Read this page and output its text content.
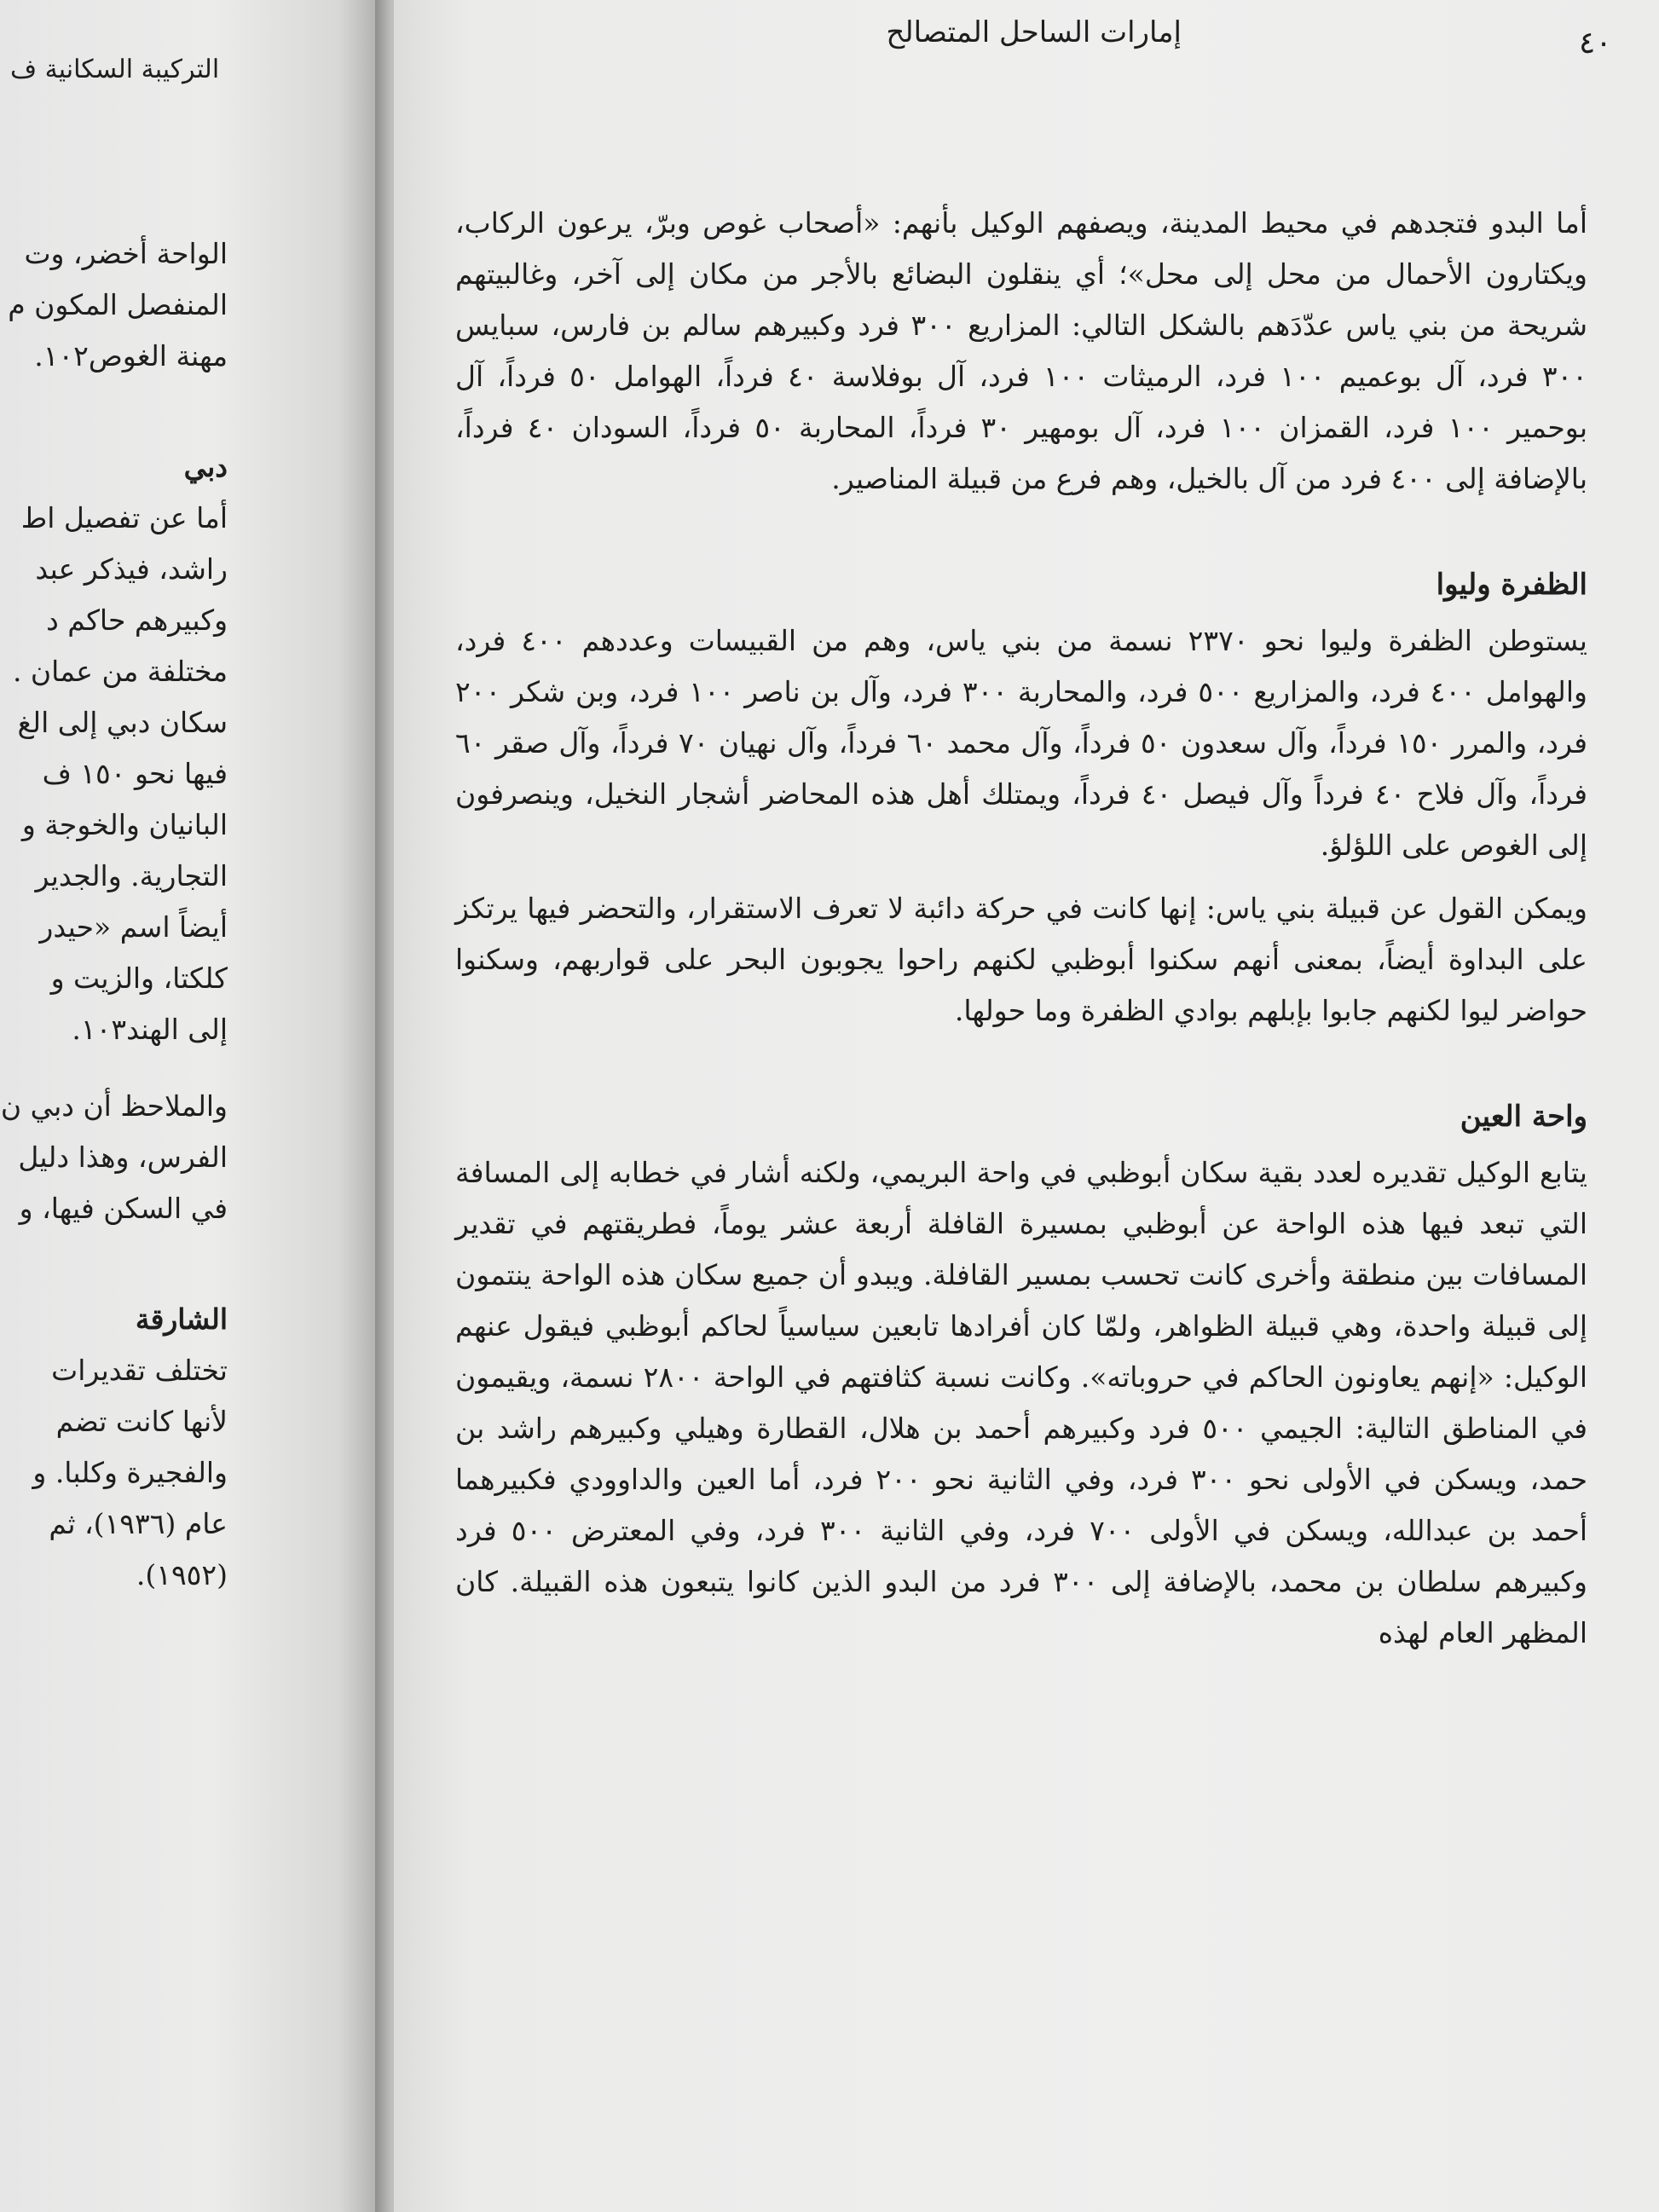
التركيبة السكانية ف

الواحة أخضر، وت
المنفصل المكون م
مهنة الغوص١٠٢.
دبي
أما عن تفصيل اط
راشد، فيذكر عبد
وكبيرهم حاكم د
مختلفة من عمان .
سكان دبي إلى الغ
فيها نحو ١٥٠ ف
البانيان والخوجة و
التجارية. والجدير
أيضاً اسم «حيدر
كلكتا، والزيت و
إلى الهند١٠٣.
والملاحظ أن دبي ن
الفرس، وهذا دليل
في السكن فيها، و
الشارقة
تختلف تقديرات
لأنها كانت تضم
والفجيرة وكلبا. و
عام (١٩٣٦)، ثم
(١٩٥٢).

إمارات الساحل المتصالح	٤٠

أما البدو فتجدهم في محيط المدينة، ويصفهم الوكيل بأنهم: «أصحاب غوص وبرّ، يرعون الركاب، ويكتارون الأحمال من محل إلى محل»؛ أي ينقلون البضائع بالأجر من مكان إلى آخر، وغالبيتهم شريحة من بني ياس عدّدَهم بالشكل التالي: المزاريع ٣٠٠ فرد وكبيرهم سالم بن فارس، سبايس ٣٠٠ فرد، آل بوعميم ١٠٠ فرد، الرميثات ١٠٠ فرد، آل بوفلاسة ٤٠ فرداً، الهوامل ٥٠ فرداً، آل بوحمير ١٠٠ فرد، القمزان ١٠٠ فرد، آل بومهير ٣٠ فرداً، المحاربة ٥٠ فرداً، السودان ٤٠ فرداً، بالإضافة إلى ٤٠٠ فرد من آل بالخيل، وهم فرع من قبيلة المناصير.

الظفرة وليوا

يستوطن الظفرة وليوا نحو ٢٣٧٠ نسمة من بني ياس، وهم من القبيسات وعددهم ٤٠٠ فرد، والهوامل ٤٠٠ فرد، والمزاريع ٥٠٠ فرد، والمحاربة ٣٠٠ فرد، وآل بن ناصر ١٠٠ فرد، وبن شكر ٢٠٠ فرد، والمرر ١٥٠ فرداً، وآل سعدون ٥٠ فرداً، وآل محمد ٦٠ فرداً، وآل نهيان ٧٠ فرداً، وآل صقر ٦٠ فرداً، وآل فلاح ٤٠ فرداً وآل فيصل ٤٠ فرداً، ويمتلك أهل هذه المحاضر أشجار النخيل، وينصرفون إلى الغوص على اللؤلؤ.

ويمكن القول عن قبيلة بني ياس: إنها كانت في حركة دائبة لا تعرف الاستقرار، والتحضر فيها يرتكز على البداوة أيضاً، بمعنى أنهم سكنوا أبوظبي لكنهم راحوا يجوبون البحر على قواربهم، وسكنوا حواضر ليوا لكنهم جابوا بإبلهم بوادي الظفرة وما حولها.

واحة العين

يتابع الوكيل تقديره لعدد بقية سكان أبوظبي في واحة البريمي، ولكنه أشار في خطابه إلى المسافة التي تبعد فيها هذه الواحة عن أبوظبي بمسيرة القافلة أربعة عشر يوماً، فطريقتهم في تقدير المسافات بين منطقة وأخرى كانت تحسب بمسير القافلة. ويبدو أن جميع سكان هذه الواحة ينتمون إلى قبيلة واحدة، وهي قبيلة الظواهر، ولمّا كان أفرادها تابعين سياسياً لحاكم أبوظبي فيقول عنهم الوكيل: «إنهم يعاونون الحاكم في حروباته». وكانت نسبة كثافتهم في الواحة ٢٨٠٠ نسمة، ويقيمون في المناطق التالية: الجيمي ٥٠٠ فرد وكبيرهم أحمد بن هلال، القطارة وهيلي وكبيرهم راشد بن حمد، ويسكن في الأولى نحو ٣٠٠ فرد، وفي الثانية نحو ٢٠٠ فرد، أما العين والداوودي فكبيرهما أحمد بن عبدالله، ويسكن في الأولى ٧٠٠ فرد، وفي الثانية ٣٠٠ فرد، وفي المعترض ٥٠٠ فرد وكبيرهم سلطان بن محمد، بالإضافة إلى ٣٠٠ فرد من البدو الذين كانوا يتبعون هذه القبيلة. كان المظهر العام لهذه
